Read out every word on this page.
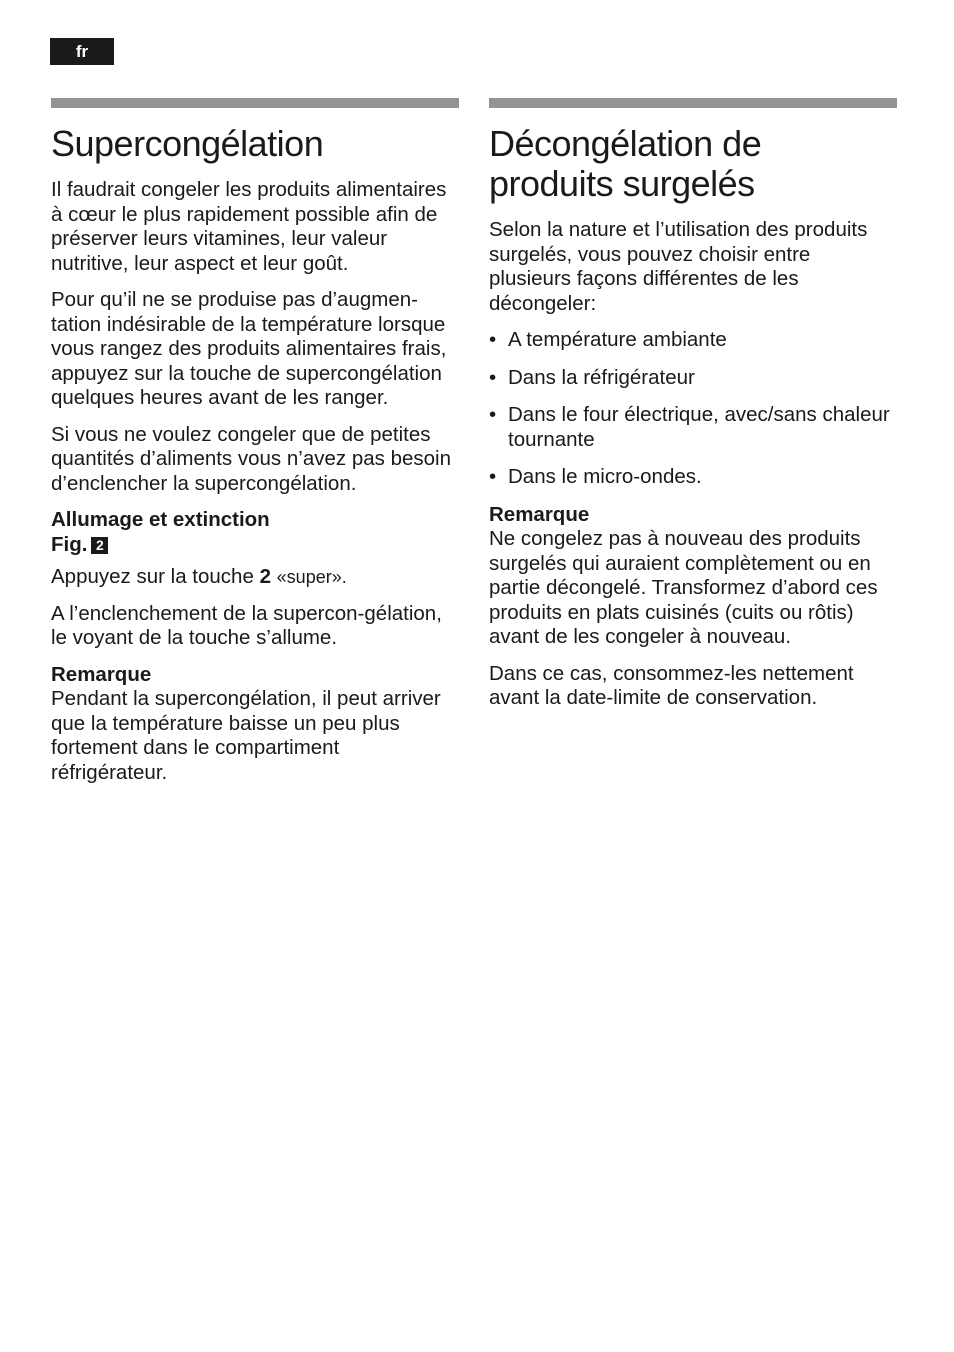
fr
Supercongélation

Il faudrait congeler les produits alimentaires à cœur le plus rapidement possible afin de préserver leurs vitamines, leur valeur nutritive, leur aspect et leur goût.

Pour qu’il ne se produise pas d’augmen-tation indésirable de la température lorsque vous rangez des produits alimentaires frais, appuyez sur la touche de supercongélation quelques heures avant de les ranger.

Si vous ne voulez congeler que de petites quantités d’aliments vous n’avez pas besoin d’enclencher la supercongélation.

Allumage et extinction
Fig. 2

Appuyez sur la touche 2 «super».

A l’enclenchement de la supercon-gélation, le voyant de la touche s’allume.

Remarque

Pendant la supercongélation, il peut arriver que la température baisse un peu plus fortement dans le compartiment réfrigérateur.

Décongélation de
produits surgelés

Selon la nature et l’utilisation des produits surgelés, vous pouvez choisir entre plusieurs façons différentes de les décongeler:

• A température ambiante
• Dans la réfrigérateur
• Dans le four électrique, avec/sans chaleur tournante
• Dans le micro-ondes.
Remarque

Ne congelez pas à nouveau des produits surgelés qui auraient complètement ou en partie décongelé. Transformez d’abord ces produits en plats cuisinés (cuits ou rôtis) avant de les congeler à nouveau.

Dans ce cas, consommez-les nettement avant la date-limite de conservation.
